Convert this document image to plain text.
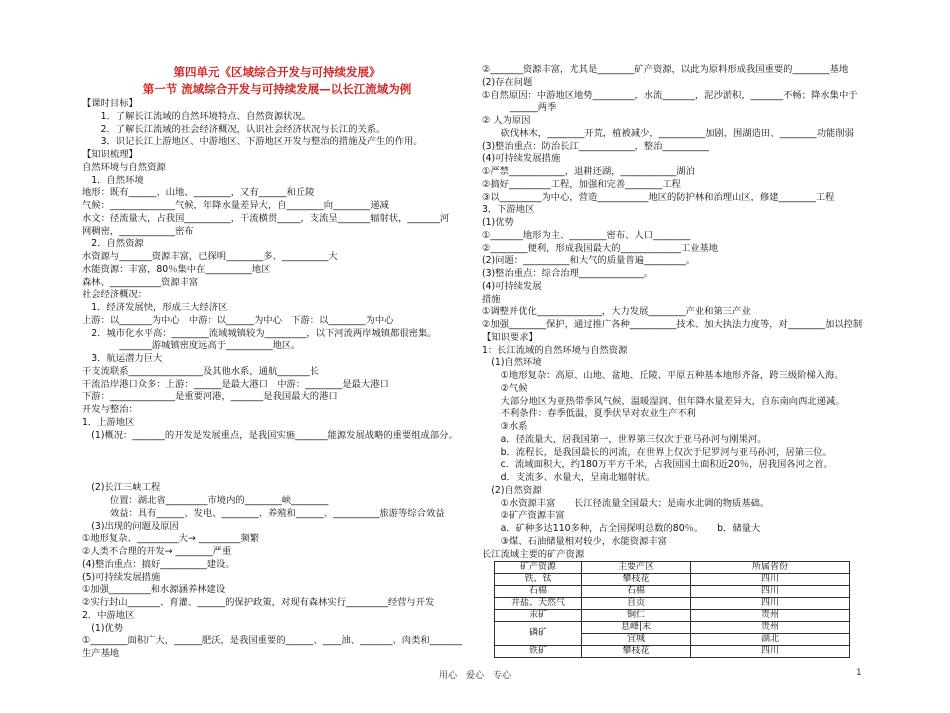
第四单元《区域综合开发与可持续发展》
第一节 流域综合开发与可持续发展—以长江流域为例
【课时目标】
　　1．了解长江流域的自然环境特点、自然资源状况。
　　2．了解长江流域的社会经济概况，认识社会经济状况与长江的关系。
　　3．识记长江上游地区、中游地区、下游地区开发与整治的措施及产生的作用。
【知识梳理】
自然环境与自然资源
　1．自然环境
地形：既有______、山地、________，又有______和丘陵
气候：______________气候，年降水量差异大，自________向________递减
水文：径流量大，占我国__________，干流横贯_____，支流呈_______辐射状，_______河
网稠密，____________密布
　2．自然资源
水资源与_______资源丰富，已探明________多、__________大
水能资源：丰富，80％集中在__________地区
森林、___________资源丰富
社会经济概况：
　1．经济发展快，形成三大经济区
上游：以_______为中心　中游：以______为中心　下游：以________为中心
　2．城市化水平高：________流域城镇较为_________，以下河流两岸城镇都很密集。
　　　　_______游城镇密度远高于__________地区。
　3．航运潜力巨大
干支流联系________________及其他水系，通航_______长
干流沿岸港口众多：上游：______是最大港口　中游：________是最大港口
下游：______________是重要河港，_______是我国最大的港口
开发与整治：
1．上游地区
　(1)概况：_______的开发是发展重点，是我国实施_______能源发展战略的重要组成部分。
　(2)长江三峡工程
　　　位置：湖北省_________市境内的________峡________
　　　效益：具有______、发电、________、养殖和______、__________旅游等综合效益
　(3)出现的问题及原因
①地形复杂、_________大→ _________频繁
②人类不合理的开发→ ________严重
(4)整治重点：搞好__________建设。
(5)可持续发展措施
①加强_________和水源涵养林建设
②实行封山_______、育灌、______的保护政策，对现有森林实行_________经营与开发
2．中游地区
　(1)优势
①________面积广大，______肥沃，是我国重要的______、____油、_______、肉类和_______
生产基地
②_______资源丰富，尤其是________矿产资源，以此为原料形成我国重要的________基地
(2)存在问题
①自然原因：中游地区地势_________，水流_______，泥沙淤积，_______不畅；降水集中于
　　　______两季
② 人为原因
　　砍伐林木，________开荒，植被减少，__________加剧，围湖造田、________功能削弱
(3)整治重点：防治长江____________，整治__________
(4)可持续发展措施
①严禁____________，退耕还湖，____________湖泊
②搞好_________工程，加强和完善________工程
③以_________为中心，营造___________地区的防护林和治理山区，修建________工程
3．下游地区
(1)优势
①_______地形为主、________密布、人口________
②________便利，形成我国最大的_____________工业基地
(2)问题：__________和大气的质量普遍_________。
(3)整治重点：综合治理______________。
(4)可持续发展
措施
①调整并优化______________，大力发展________产业和第三产业
②加强________保护，通过推广各种__________技术、加大执法力度等，对________加以控制
【知识要求】
1：长江流域的自然环境与自然资源
　(1)自然环境
　　①地形复杂：高原、山地、盆地、丘陵、平原五种基本地形齐备，跨三级阶梯入海。
　　②气候
　　大部分地区为亚热带季风气候，温暖湿润、但年降水量差异大，自东南向西北递减。
　　不利条件：春季低温，夏季伏旱对农业生产不利
　　③水系
　　a．径流量大，居我国第一，世界第三仅次于亚马孙河与刚果河。
　　b．流程长，是我国最长的河流，在世界上仅次于尼罗河与亚马孙河，居第三位。
　　c．流域面积大，约180万平方千米，占我国国土面积近20％，居我国各河之首。
　　d．支流多、水量大，呈南北辐射状。
　(2)自然资源
　　①水资源丰富　　长江径流量全国最大；是南水北调的物质基础。
　　②矿产资源丰富
　　a．矿种多达110多种，占全国探明总数的80％。　　b．储量大
　　③煤、石油储量相对较少，水能资源丰富
长江流域主要的矿产资源
矿产资源	主要产区	所属省份
铁、钛	攀枝花	四川
石棉	石棉	四川
井盐、天然气	自贡	四川
汞矿	铜仁	贵州
磷矿	息峰|末	贵州
	宜城	湖北
铁矿	攀枝花	四川
用心　爱心　专心	1
